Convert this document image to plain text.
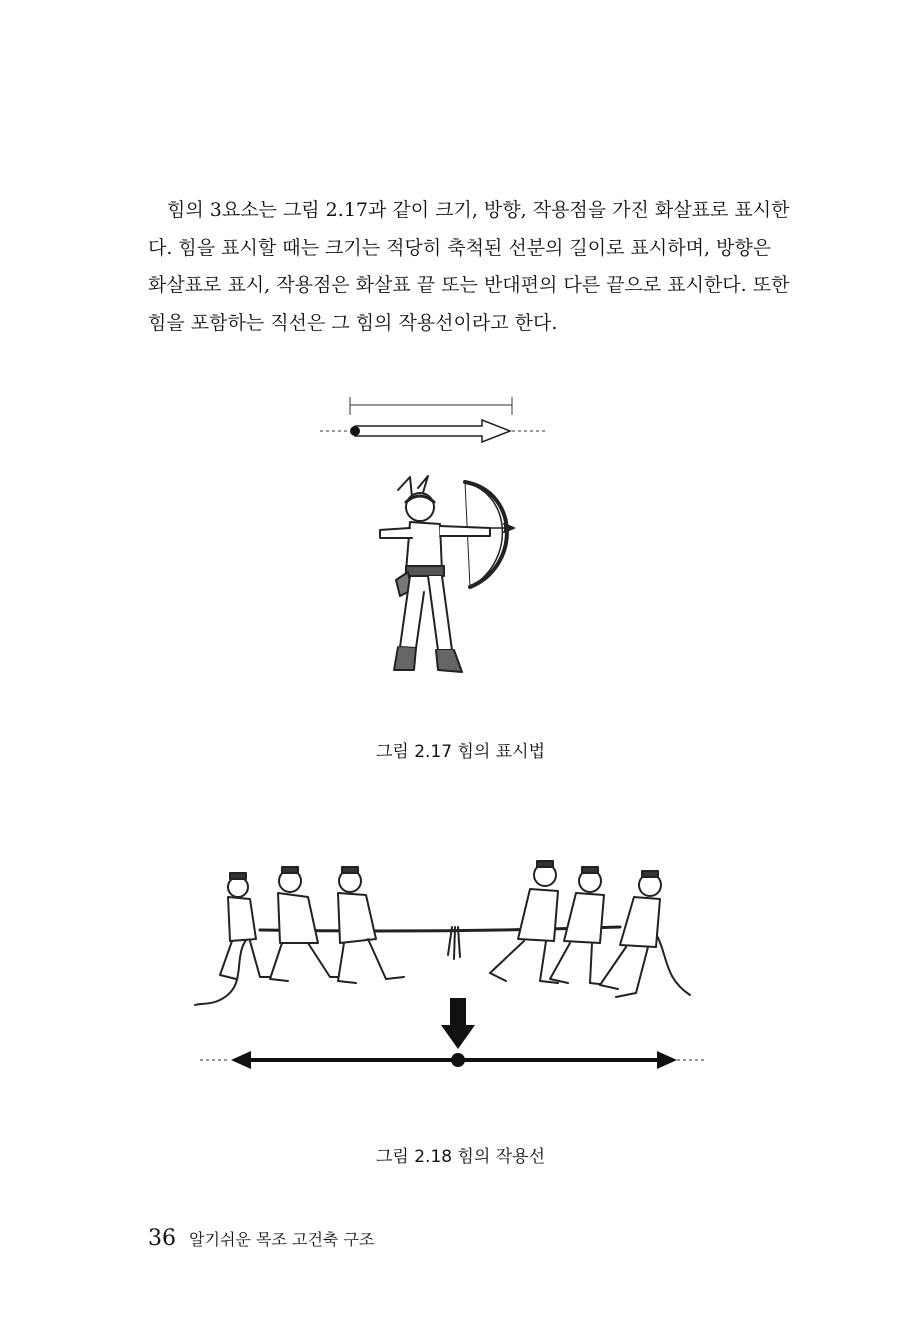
힘의 3요소는 그림 2.17과 같이 크기, 방향, 작용점을 가진 화살표로 표시한
다. 힘을 표시할 때는 크기는 적당히 축척된 선분의 길이로 표시하며, 방향은
화살표로 표시, 작용점은 화살표 끝 또는 반대편의 다른 끝으로 표시한다. 또한
힘을 포함하는 직선은 그 힘의 작용선이라고 한다.
그림 2.17 힘의 표시법
그림 2.18 힘의 작용선
36 알기쉬운 목조 고건축 구조
